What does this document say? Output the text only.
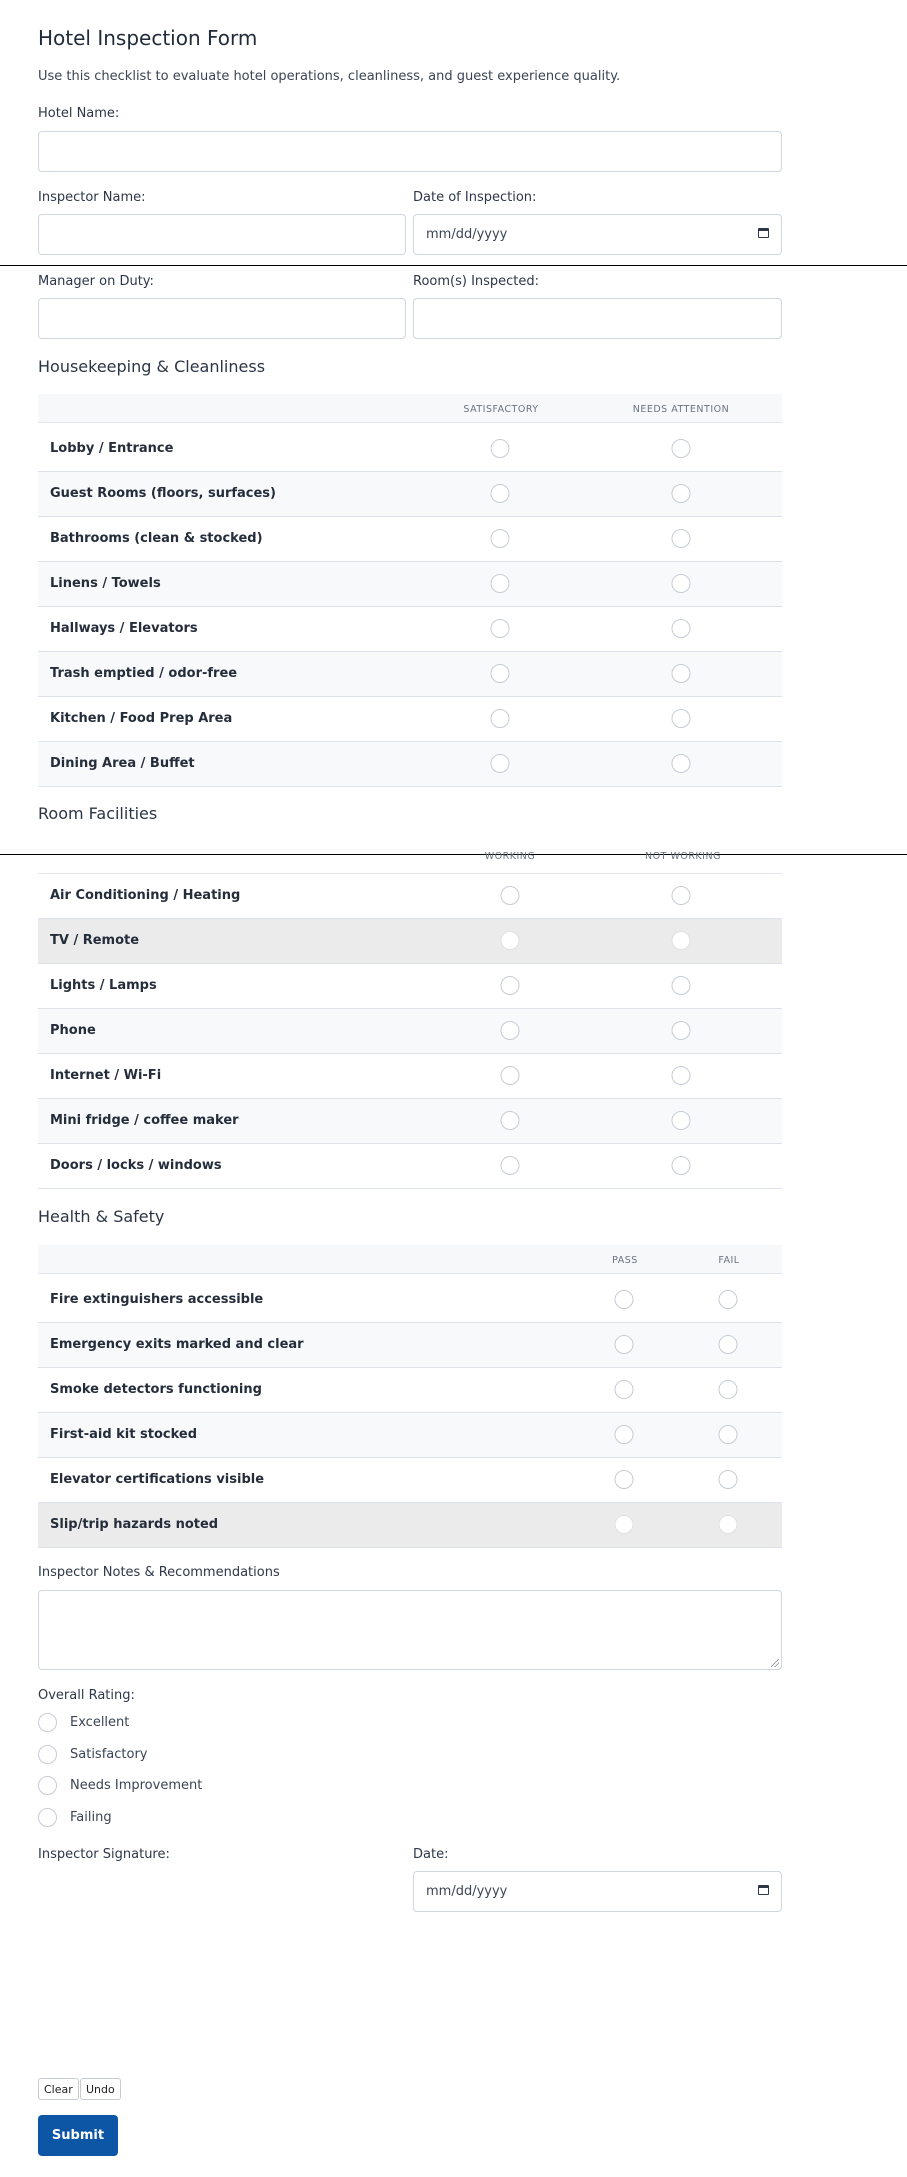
Hotel Inspection Form
Use this checklist to evaluate hotel operations, cleanliness, and guest experience quality.
Hotel Name:
Inspector Name:	Date of Inspection:
mm/dd/yyyy
Manager on Duty:	Room(s) Inspected:
Housekeeping & Cleanliness
SATISFACTORY	NEEDS ATTENTION
Lobby / Entrance
Guest Rooms (floors, surfaces)
Bathrooms (clean & stocked)
Linens / Towels
Hallways / Elevators
Trash emptied / odor-free
Kitchen / Food Prep Area
Dining Area / Buffet
Room Facilities
WORKING	NOT WORKING
Air Conditioning / Heating
TV / Remote
Lights / Lamps
Phone
Internet / Wi-Fi
Mini fridge / coffee maker
Doors / locks / windows
Health & Safety
PASS	FAIL
Fire extinguishers accessible
Emergency exits marked and clear
Smoke detectors functioning
First-aid kit stocked
Elevator certifications visible
Slip/trip hazards noted
Inspector Notes & Recommendations
Overall Rating:
Excellent
Satisfactory
Needs Improvement
Failing
Inspector Signature:	Date:
mm/dd/yyyy
Clear	Undo
Submit
